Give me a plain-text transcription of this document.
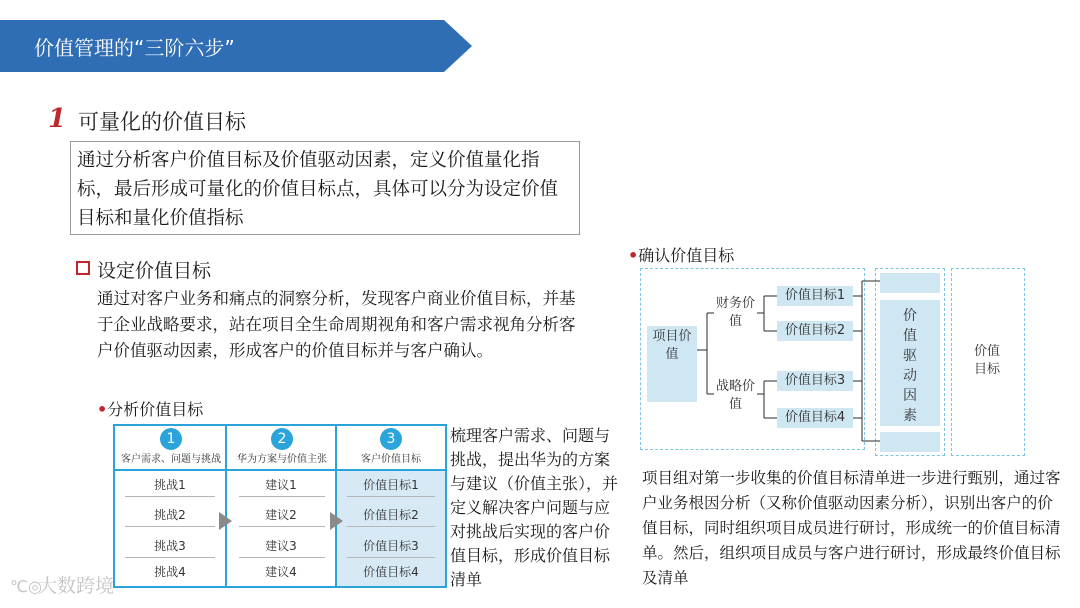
价值管理的“三阶六步”
1 可量化的价值目标
通过分析客户价值目标及价值驱动因素，定义价值量化指标，最后形成可量化的价值目标点，具体可以分为设定价值目标和量化价值指标
设定价值目标
通过对客户业务和痛点的洞察分析，发现客户商业价值目标，并基于企业战略要求，站在项目全生命周期视角和客户需求视角分析客户价值驱动因素，形成客户的价值目标并与客户确认。
•分析价值目标
1
客户需求、问题与挑战
2
华为方案与价值主张
3
客户价值目标
挑战1
挑战2
挑战3
挑战4
建议1
建议2
建议3
建议4
价值目标1
价值目标2
价值目标3
价值目标4
梳理客户需求、问题与挑战，提出华为的方案与建议（价值主张），并定义解决客户问题与应对挑战后实现的客户价值目标，形成价值目标清单
•确认价值目标
项目价值
财务价值
战略价值
价值目标1
价值目标2
价值目标3
价值目标4
价值驱动因素
价值目标
项目组对第一步收集的价值目标清单进一步进行甄别，通过客户业务根因分析（又称价值驱动因素分析），识别出客户的价值目标，同时组织项目成员进行研讨，形成统一的价值目标清单。然后，组织项目成员与客户进行研讨，形成最终价值目标及清单
℃◎大数跨境
